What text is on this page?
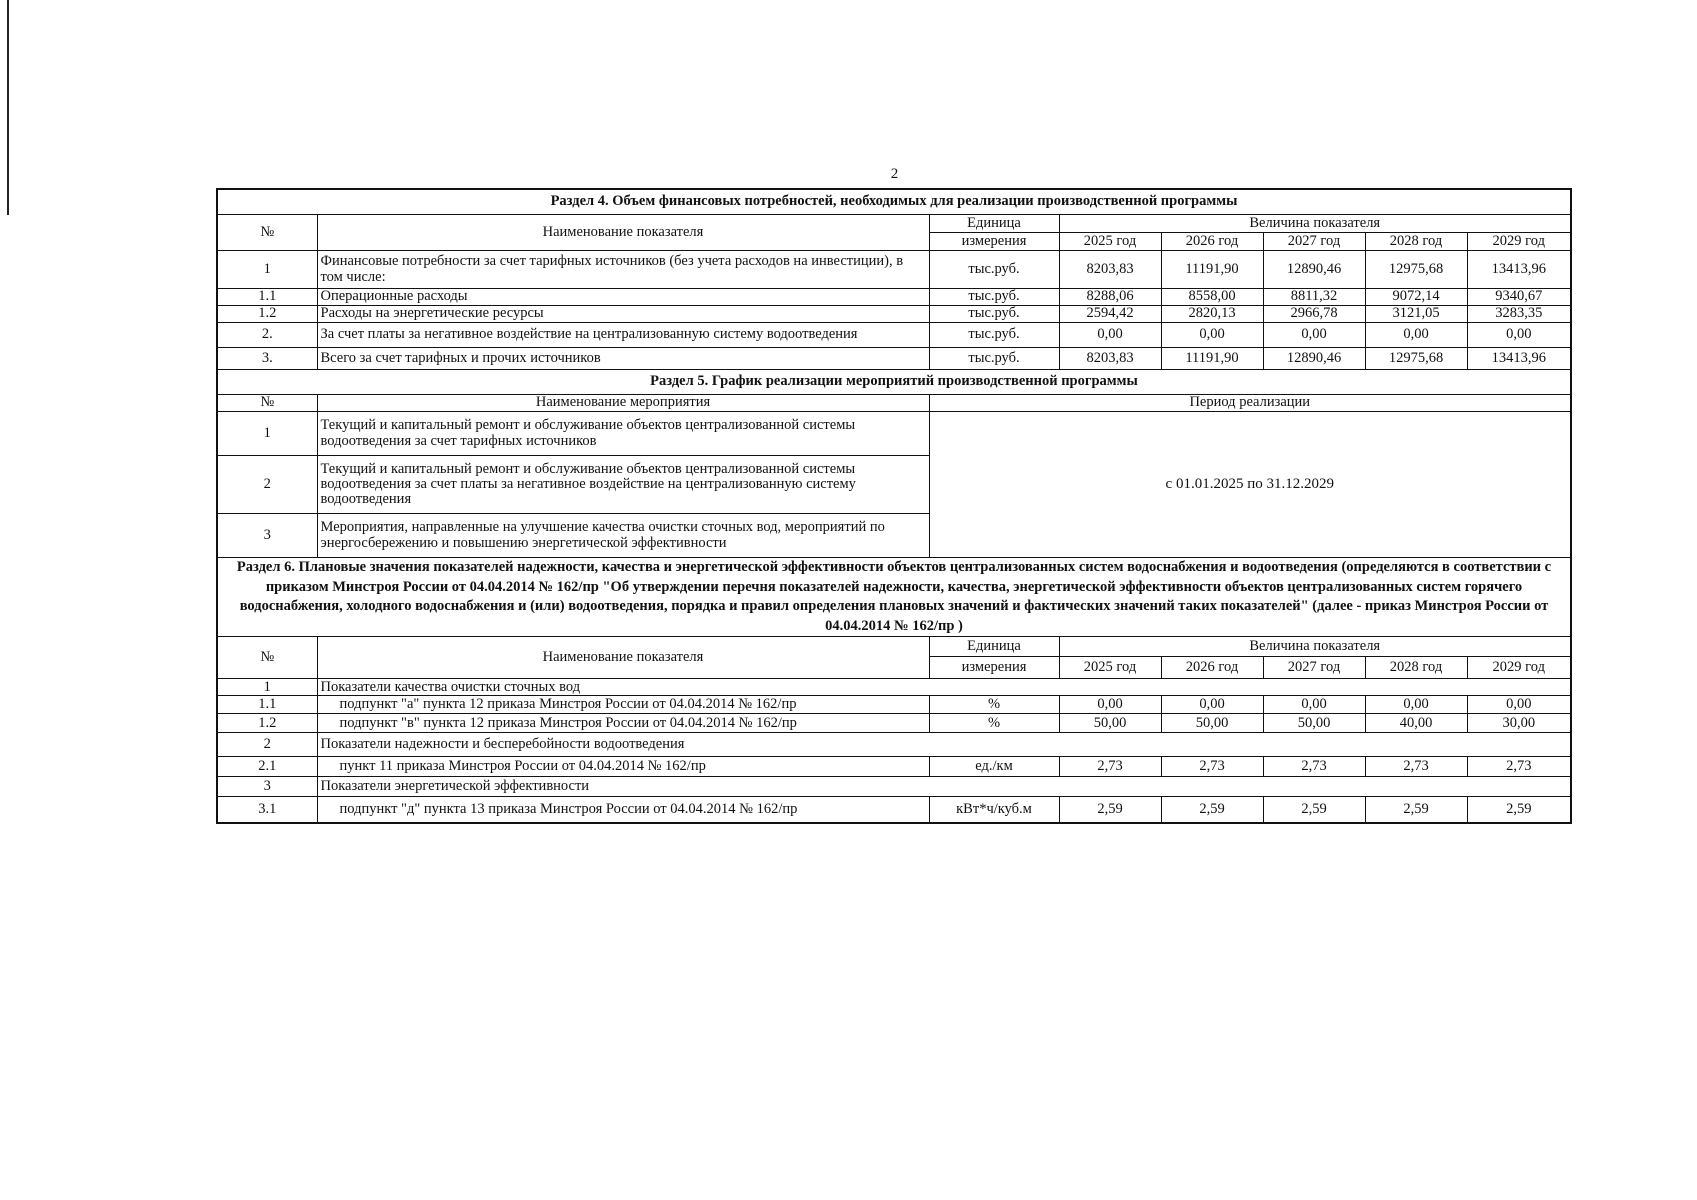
2
Раздел 4. Объем финансовых потребностей, необходимых для реализации производственной программы							
№	Наименование показателя	Единица	Величина показателя				
		измерения	2025 год	2026 год	2027 год	2028 год	2029 год
1	Финансовые потребности за счет тарифных источников (без учета расходов на инвестиции), в том числе:	тыс.руб.	8203,83	11191,90	12890,46	12975,68	13413,96
1.1	Операционные расходы	тыс.руб.	8288,06	8558,00	8811,32	9072,14	9340,67
1.2	Расходы на энергетические ресурсы	тыс.руб.	2594,42	2820,13	2966,78	3121,05	3283,35
2.	За счет платы за негативное воздействие на централизованную систему водоотведения	тыс.руб.	0,00	0,00	0,00	0,00	0,00
3.	Всего за счет тарифных и прочих источников	тыс.руб.	8203,83	11191,90	12890,46	12975,68	13413,96
Раздел 5. График реализации мероприятий производственной программы							
№	Наименование мероприятия	Период реализации					
1	Текущий и капитальный ремонт и обслуживание объектов централизованной системы водоотведения за счет тарифных источников	с 01.01.2025 по 31.12.2029					
2	Текущий и капитальный ремонт и обслуживание объектов централизованной системы водоотведения за счет платы за негативное воздействие на централизованную систему водоотведения						
3	Мероприятия, направленные на улучшение качества очистки сточных вод, мероприятий по энергосбережению и повышению энергетической эффективности						
Раздел 6. Плановые значения показателей надежности, качества и энергетической эффективности объектов централизованных систем водоснабжения и водоотведения (определяются в соответствии с приказом Минстроя России от 04.04.2014 № 162/пр "Об утверждении перечня показателей надежности, качества, энергетической эффективности объектов централизованных систем горячего водоснабжения, холодного водоснабжения и (или) водоотведения, порядка и правил определения плановых значений и фактических значений таких показателей" (далее - приказ Минстроя России от 04.04.2014 № 162/пр )							
№	Наименование показателя	Единица	Величина показателя				
		измерения	2025 год	2026 год	2027 год	2028 год	2029 год
1	Показатели качества очистки сточных вод						
1.1	подпункт "а" пункта 12 приказа Минстроя России от 04.04.2014 № 162/пр	%	0,00	0,00	0,00	0,00	0,00
1.2	подпункт "в" пункта 12 приказа Минстроя России от 04.04.2014 № 162/пр	%	50,00	50,00	50,00	40,00	30,00
2	Показатели надежности и бесперебойности водоотведения						
2.1	пункт 11 приказа Минстроя России от 04.04.2014 № 162/пр	ед./км	2,73	2,73	2,73	2,73	2,73
3	Показатели энергетической эффективности						
3.1	подпункт "д" пункта 13 приказа Минстроя России от 04.04.2014 № 162/пр	кВт*ч/куб.м	2,59	2,59	2,59	2,59	2,59
